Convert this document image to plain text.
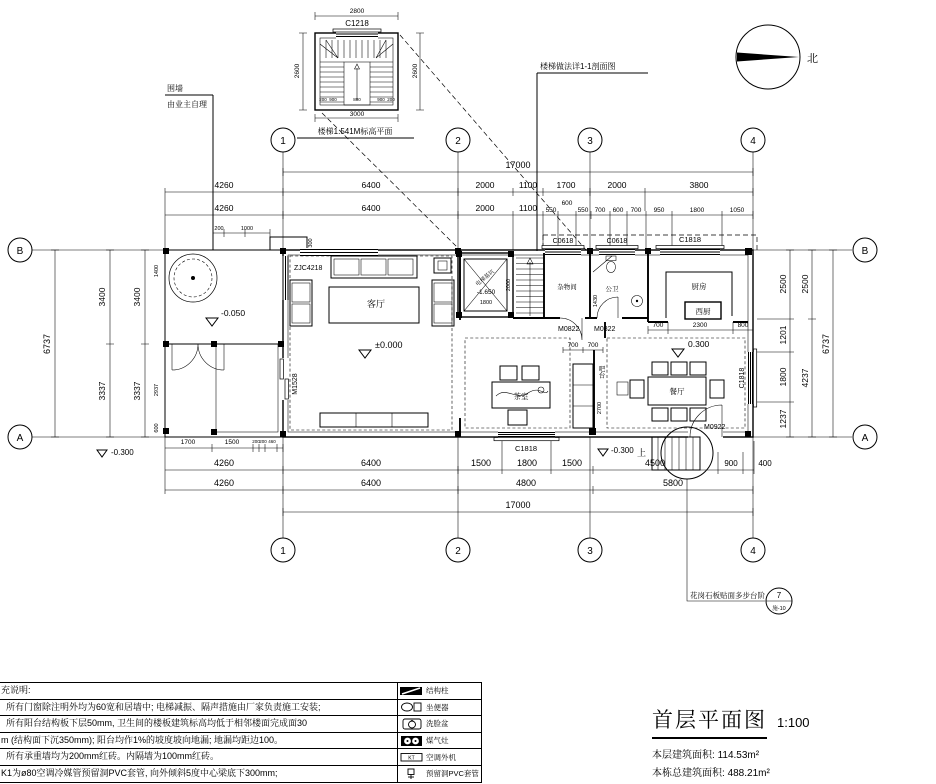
2800
2600	2600
3000
C1218
200 900	800	900 200
楼梯1.541M标高平面
北
围墙
由业主自理
楼梯做法详1-1剖面图
1	2	3	4
1	2	3	4
B
A
B
A
17000
4260	6400	2000	1100 1700	2000	3800
4260	6400	2000	1100 550
600
550 700 600 700 950	1800	1050
200	1000
300
4260	6400	1500	1800	1500	4500	900	400
4260	6400	4800	5800
17000
1700	1500	200 200 460
6737
3400
3337
3400
3337
1400
2937
600
2500
1201
1800
1237
2500
4237
6737
700	2300	800
700 700
2700
1430
-0.050
ZJC4218
M1528
C0618	C0618	C1818
C1818
C1818
M0822 M0822
M0922
电梯基坑
-1.650
1800
2000
客厅
±0.000
杂物间	公卫	厨房
西厨
茶室
吧台
餐厅
0.300
上
-0.300
花岗石板贴面多步台阶 7
施-10
-0.300
充说明:	结构柱
所有门窗除注明外均为60宽和居墙中; 电梯减振、隔声措施由厂家负责施工安装;	坐便器
所有阳台结构板下层50mm, 卫生间的楼板建筑标高均低于相邻楼面完成面30	洗脸盆
m (结构面下沉350mm); 阳台均作1%的坡度坡向地漏; 地漏均距边100。	煤气灶
所有承重墙均为200mm红砖。内隔墙为100mm红砖。	KT 空调外机
K1为ø80空调冷媒管预留洞PVC套管, 向外倾斜5度中心梁底下300mm;	预留洞PVC套管
首层平面图 1:100
本层建筑面积: 114.53m²
本栋总建筑面积: 488.21m²
